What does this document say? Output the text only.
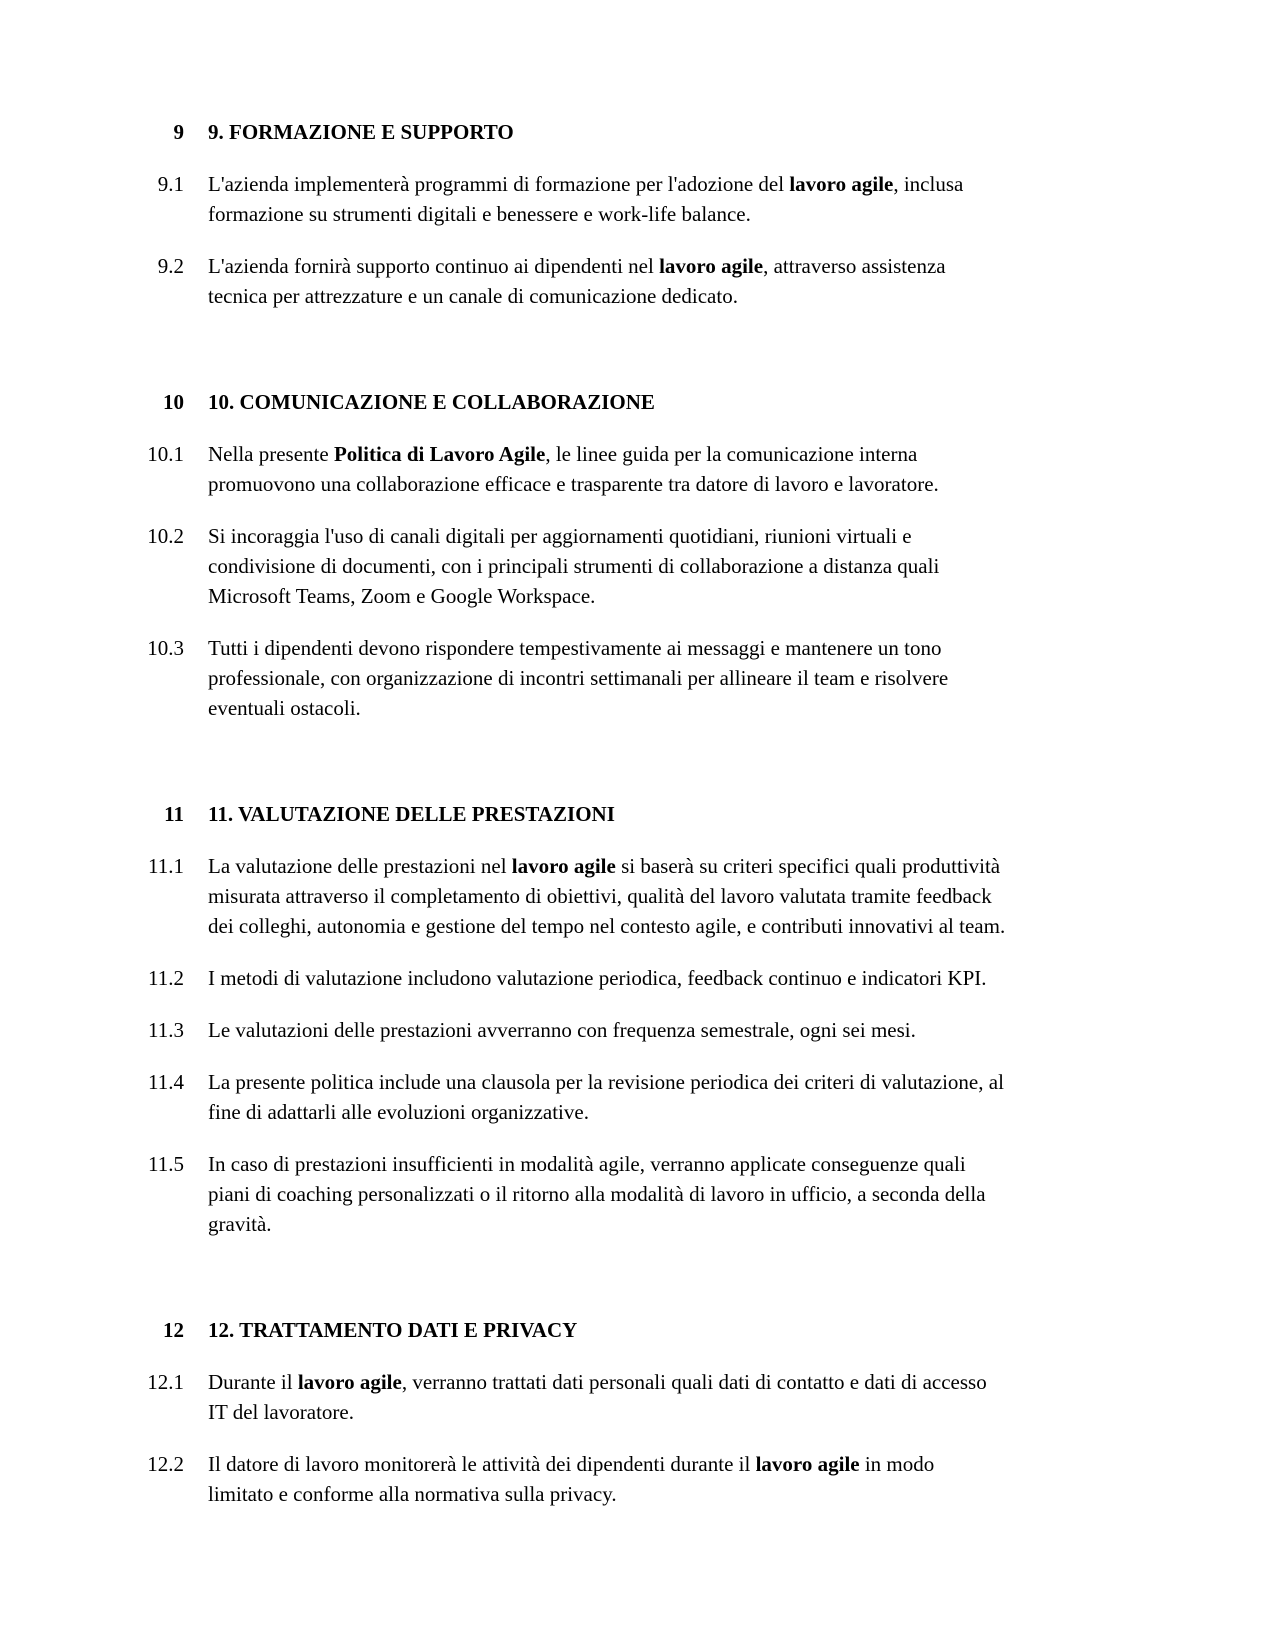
9 9. FORMAZIONE E SUPPORTO
9.1 L'azienda implementerà programmi di formazione per l'adozione del lavoro agile, inclusa
formazione su strumenti digitali e benessere e work-life balance.
9.2 L'azienda fornirà supporto continuo ai dipendenti nel lavoro agile, attraverso assistenza
tecnica per attrezzature e un canale di comunicazione dedicato.
10 10. COMUNICAZIONE E COLLABORAZIONE
10.1 Nella presente Politica di Lavoro Agile, le linee guida per la comunicazione interna
promuovono una collaborazione efficace e trasparente tra datore di lavoro e lavoratore.
10.2 Si incoraggia l'uso di canali digitali per aggiornamenti quotidiani, riunioni virtuali e
condivisione di documenti, con i principali strumenti di collaborazione a distanza quali
Microsoft Teams, Zoom e Google Workspace.
10.3 Tutti i dipendenti devono rispondere tempestivamente ai messaggi e mantenere un tono
professionale, con organizzazione di incontri settimanali per allineare il team e risolvere
eventuali ostacoli.
11 11. VALUTAZIONE DELLE PRESTAZIONI
11.1 La valutazione delle prestazioni nel lavoro agile si baserà su criteri specifici quali produttività
misurata attraverso il completamento di obiettivi, qualità del lavoro valutata tramite feedback
dei colleghi, autonomia e gestione del tempo nel contesto agile, e contributi innovativi al team.
11.2 I metodi di valutazione includono valutazione periodica, feedback continuo e indicatori KPI.
11.3 Le valutazioni delle prestazioni avverranno con frequenza semestrale, ogni sei mesi.
11.4 La presente politica include una clausola per la revisione periodica dei criteri di valutazione, al
fine di adattarli alle evoluzioni organizzative.
11.5 In caso di prestazioni insufficienti in modalità agile, verranno applicate conseguenze quali
piani di coaching personalizzati o il ritorno alla modalità di lavoro in ufficio, a seconda della
gravità.
12 12. TRATTAMENTO DATI E PRIVACY
12.1 Durante il lavoro agile, verranno trattati dati personali quali dati di contatto e dati di accesso
IT del lavoratore.
12.2 Il datore di lavoro monitorerà le attività dei dipendenti durante il lavoro agile in modo
limitato e conforme alla normativa sulla privacy.
